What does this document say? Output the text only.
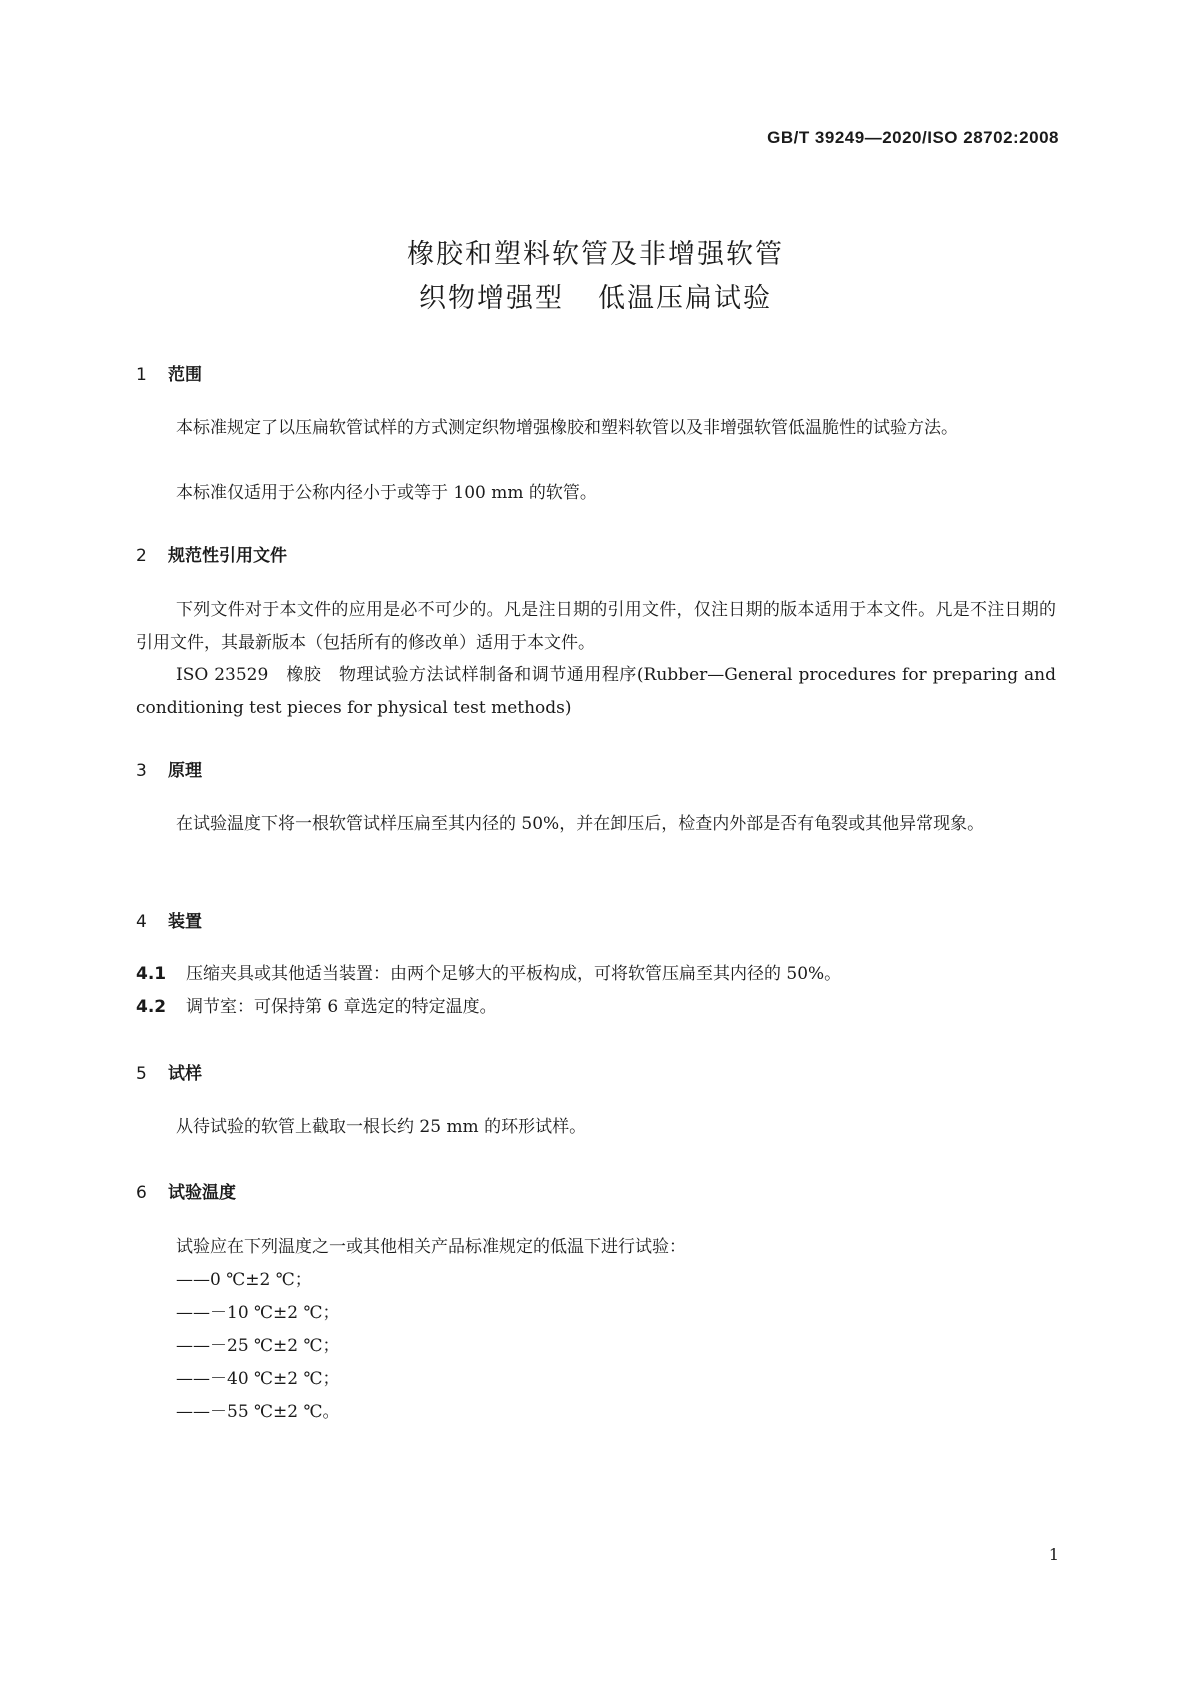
GB/T 39249—2020/ISO 28702:2008
橡胶和塑料软管及非增强软管
织物增强型 低温压扁试验
1 范围
本标准规定了以压扁软管试样的方式测定织物增强橡胶和塑料软管以及非增强软管低温脆性的试验方法。
本标准仅适用于公称内径小于或等于 100 mm 的软管。
2 规范性引用文件
下列文件对于本文件的应用是必不可少的。凡是注日期的引用文件，仅注日期的版本适用于本文件。凡是不注日期的引用文件，其最新版本（包括所有的修改单）适用于本文件。
ISO 23529　橡胶　物理试验方法试样制备和调节通用程序(Rubber—General procedures for preparing and conditioning test pieces for physical test methods)
3 原理
在试验温度下将一根软管试样压扁至其内径的 50%，并在卸压后，检查内外部是否有龟裂或其他异常现象。
4 装置
4.1 压缩夹具或其他适当装置：由两个足够大的平板构成，可将软管压扁至其内径的 50%。
4.2 调节室：可保持第 6 章选定的特定温度。
5 试样
从待试验的软管上截取一根长约 25 mm 的环形试样。
6 试验温度
试验应在下列温度之一或其他相关产品标准规定的低温下进行试验：
——0 ℃±2 ℃；
——－10 ℃±2 ℃；
——－25 ℃±2 ℃；
——－40 ℃±2 ℃；
——－55 ℃±2 ℃。
1
